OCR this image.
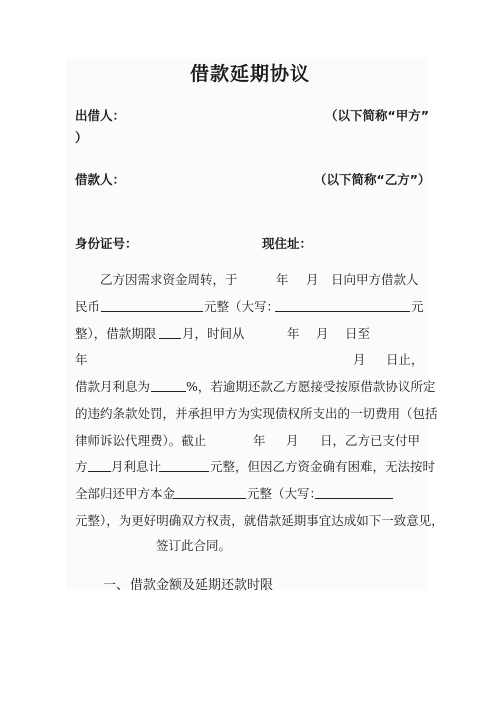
借款延期协议
出借人：	（以下简称“甲方”
）
借款人：	（以下简称“乙方”）
身份证号：	现住址：
乙方因需求资金周转，于	年 月 日向甲方借款人
民币	元整（大写：	元
整），借款期限 月，时间从	年 月 日至
年	月 日止，
借款月利息为	%，若逾期还款乙方愿接受按原借款协议所定
的违约条款处罚，并承担甲方为实现债权所支出的一切费用（包括
律师诉讼代理费）。截止	年 月 日，乙方已支付甲
方 月利息计	元整，但因乙方资金确有困难，无法按时
全部归还甲方本金	元整（大写：
元整），为更好明确双方权责，就借款延期事宜达成如下一致意见，
签订此合同。
一、 借款金额及延期还款时限
